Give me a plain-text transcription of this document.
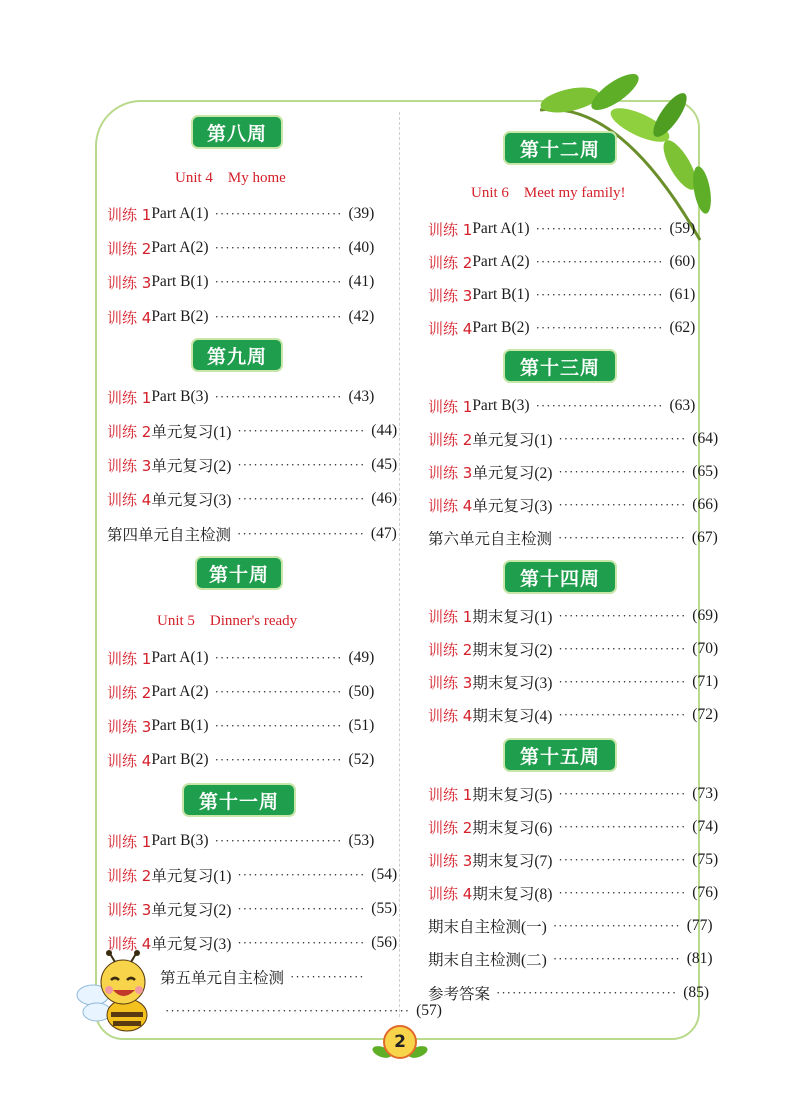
第八周
Unit 4　My home
训练 1 Part A(1) ························ (39)
训练 2 Part A(2) ························ (40)
训练 3 Part B(1) ························ (41)
训练 4 Part B(2) ························ (42)
第九周
训练 1 Part B(3) ························ (43)
训练 2 单元复习(1) ························ (44)
训练 3 单元复习(2) ························ (45)
训练 4 单元复习(3) ························ (46)
第四单元自主检测 ························ (47)
第十周
Unit 5　Dinner's ready
训练 1 Part A(1) ························ (49)
训练 2 Part A(2) ························ (50)
训练 3 Part B(1) ························ (51)
训练 4 Part B(2) ························ (52)
第十一周
训练 1 Part B(3) ························ (53)
训练 2 单元复习(1) ························ (54)
训练 3 单元复习(2) ························ (55)
训练 4 单元复习(3) ························ (56)
第五单元自主检测 ··············
·············································· (57)
第十二周
Unit 6　Meet my family!
训练 1 Part A(1) ························ (59)
训练 2 Part A(2) ························ (60)
训练 3 Part B(1) ························ (61)
训练 4 Part B(2) ························ (62)
第十三周
训练 1 Part B(3) ························ (63)
训练 2 单元复习(1) ························ (64)
训练 3 单元复习(2) ························ (65)
训练 4 单元复习(3) ························ (66)
第六单元自主检测 ························ (67)
第十四周
训练 1 期末复习(1) ························ (69)
训练 2 期末复习(2) ························ (70)
训练 3 期末复习(3) ························ (71)
训练 4 期末复习(4) ························ (72)
第十五周
训练 1 期末复习(5) ························ (73)
训练 2 期末复习(6) ························ (74)
训练 3 期末复习(7) ························ (75)
训练 4 期末复习(8) ························ (76)
期末自主检测(一) ························ (77)
期末自主检测(二) ························ (81)
参考答案 ·································· (85)
2
